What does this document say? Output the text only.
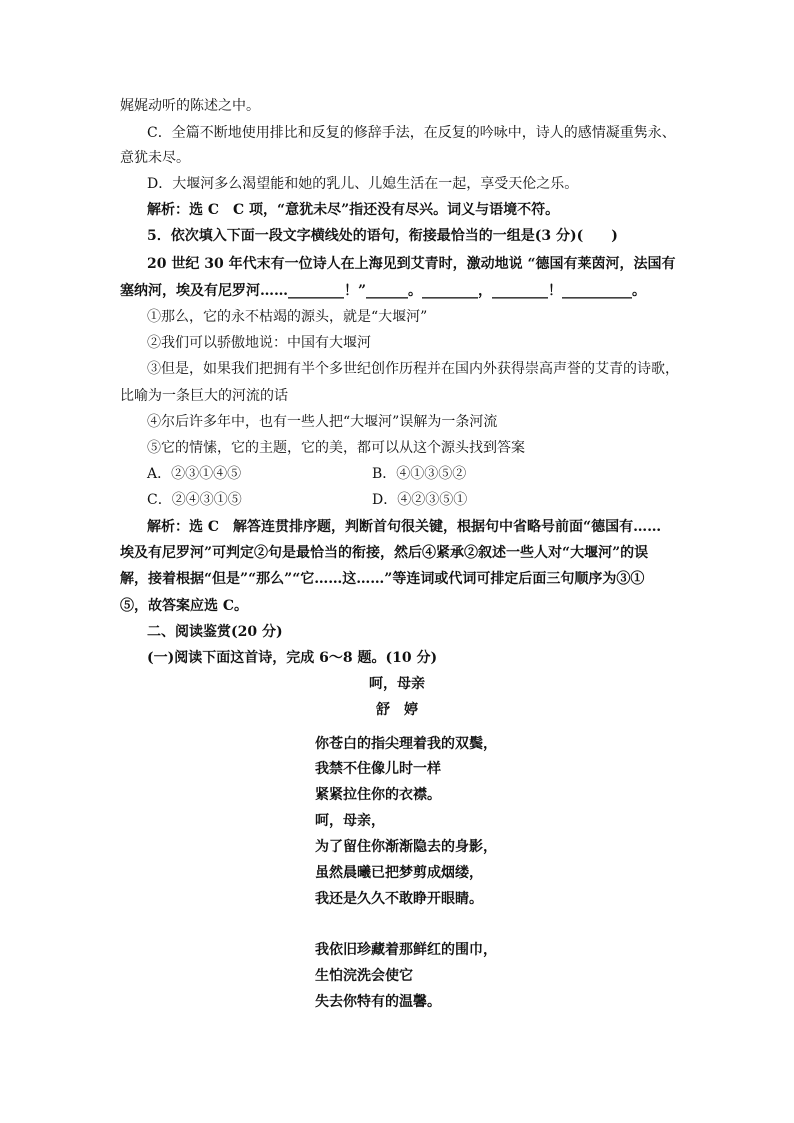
娓娓动听的陈述之中。
C．全篇不断地使用排比和反复的修辞手法，在反复的吟咏中，诗人的感情凝重隽永、
意犹未尽。
D．大堰河多么渴望能和她的乳儿、儿媳生活在一起，享受天伦之乐。
解析：选 C　C 项，“意犹未尽”指还没有尽兴。词义与语境不符。
5．依次填入下面一段文字横线处的语句，衔接最恰当的一组是(3 分)(　　)
20 世纪 30 年代末有一位诗人在上海见到艾青时，激动地说 “德国有莱茵河，法国有
塞纳河，埃及有尼罗河……________！”______。________，________！__________。
①那么，它的永不枯竭的源头，就是“大堰河”
②我们可以骄傲地说：中国有大堰河
③但是，如果我们把拥有半个多世纪创作历程并在国内外获得崇高声誉的艾青的诗歌，
比喻为一条巨大的河流的话
④尔后许多年中，也有一些人把“大堰河”误解为一条河流
⑤它的情愫，它的主题，它的美，都可以从这个源头找到答案
A．②③①④⑤	B．④①③⑤②
C．②④③①⑤	D．④②③⑤①
解析：选 C　解答连贯排序题，判断首句很关键，根据句中省略号前面“德国有……
埃及有尼罗河”可判定②句是最恰当的衔接，然后④紧承②叙述一些人对“大堰河”的误
解，接着根据“但是”“那么”“它……这……”等连词或代词可排定后面三句顺序为③①
⑤，故答案应选 C。
二、阅读鉴赏(20 分)
(一)阅读下面这首诗，完成 6～8 题。(10 分)
呵，母亲
舒　婷
你苍白的指尖理着我的双鬓，
我禁不住像儿时一样
紧紧拉住你的衣襟。
呵，母亲，
为了留住你渐渐隐去的身影，
虽然晨曦已把梦剪成烟缕，
我还是久久不敢睁开眼睛。
我依旧珍藏着那鲜红的围巾，
生怕浣洗会使它
失去你特有的温馨。
